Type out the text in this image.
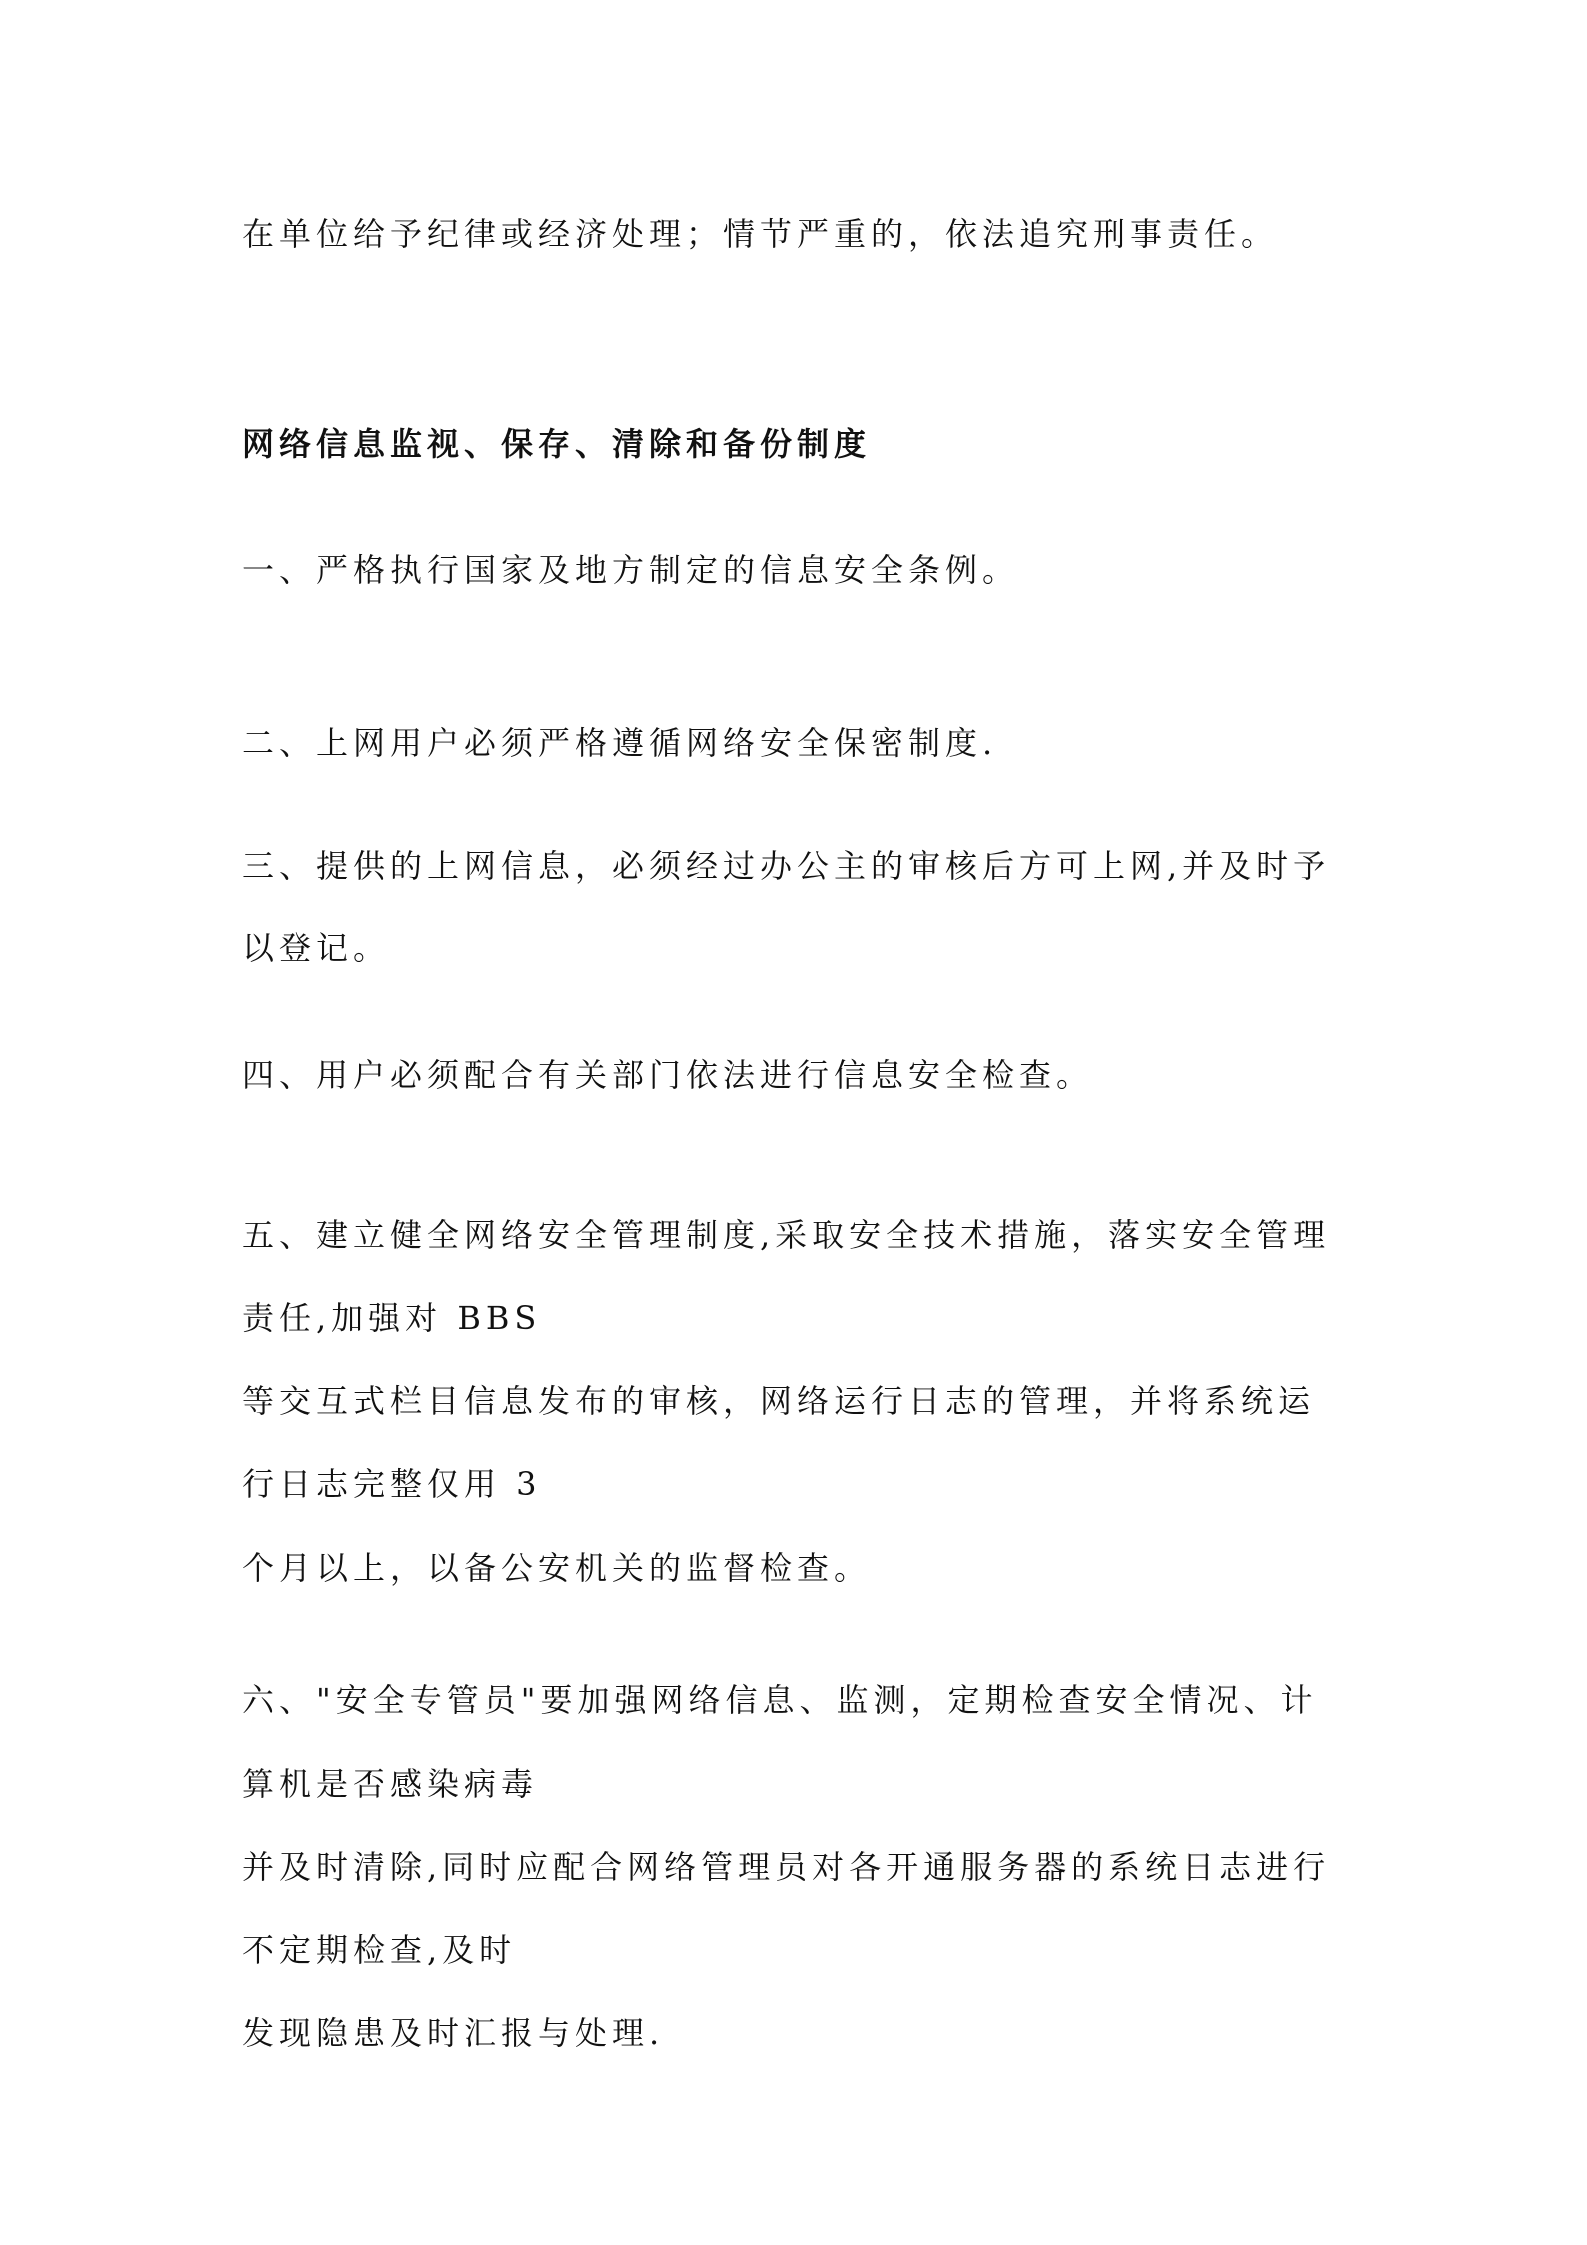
在单位给予纪律或经济处理；情节严重的，依法追究刑事责任。
网络信息监视、保存、清除和备份制度
一、严格执行国家及地方制定的信息安全条例。
二、上网用户必须严格遵循网络安全保密制度.
三、提供的上网信息，必须经过办公主的审核后方可上网,并及时予
以登记。
四、用户必须配合有关部门依法进行信息安全检查。
五、建立健全网络安全管理制度,采取安全技术措施，落实安全管理
责任,加强对 BBS
等交互式栏目信息发布的审核，网络运行日志的管理，并将系统运
行日志完整仅用 3
个月以上，以备公安机关的监督检查。
六、"安全专管员"要加强网络信息、监测，定期检查安全情况、计
算机是否感染病毒
并及时清除,同时应配合网络管理员对各开通服务器的系统日志进行
不定期检查,及时
发现隐患及时汇报与处理.
